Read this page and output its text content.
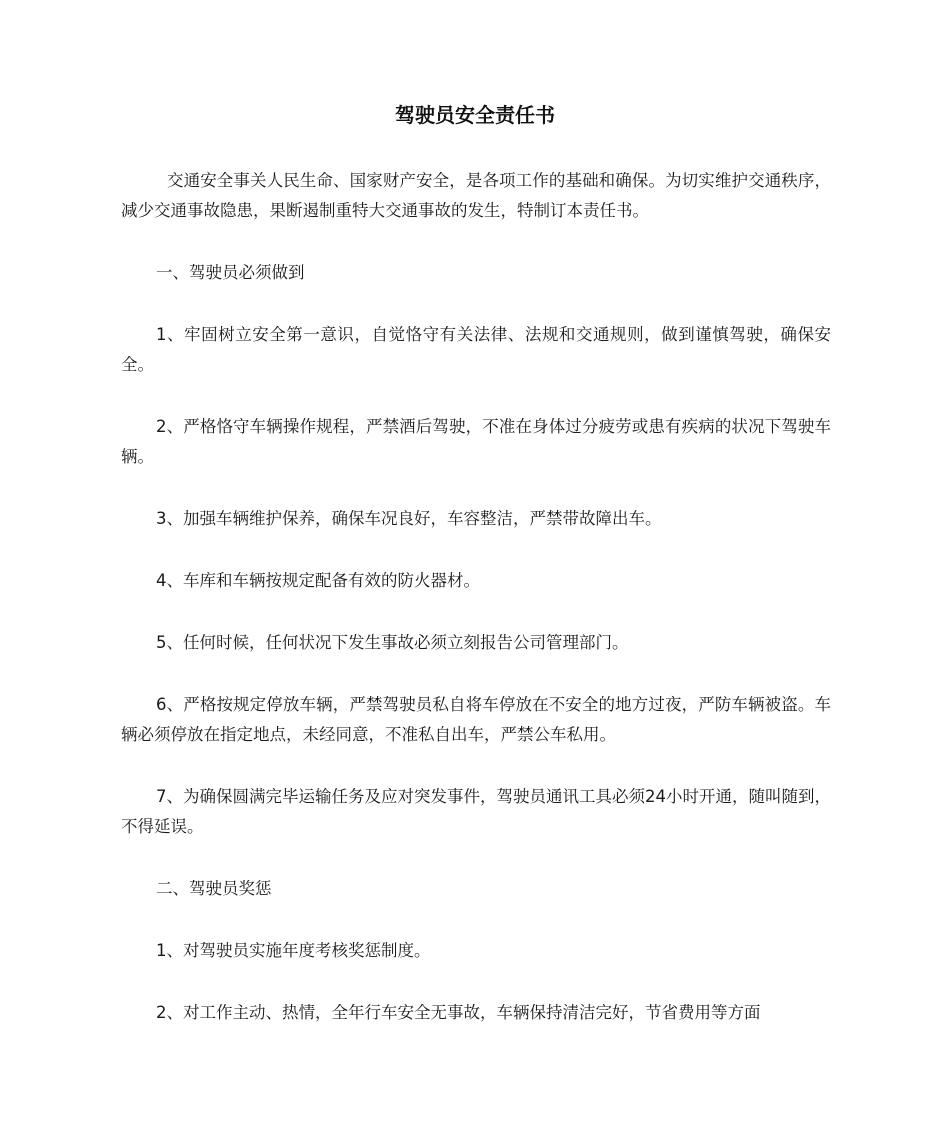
驾驶员安全责任书

交通安全事关人民生命、国家财产安全，是各项工作的基础和确保。为切实维护交通秩序，减少交通事故隐患，果断遏制重特大交通事故的发生，特制订本责任书。

一、驾驶员必须做到

1、牢固树立安全第一意识，自觉恪守有关法律、法规和交通规则，做到谨慎驾驶，确保安全。

2、严格恪守车辆操作规程，严禁酒后驾驶，不准在身体过分疲劳或患有疾病的状况下驾驶车辆。

3、加强车辆维护保养，确保车况良好，车容整洁，严禁带故障出车。

4、车库和车辆按规定配备有效的防火器材。

5、任何时候，任何状况下发生事故必须立刻报告公司管理部门。

6、严格按规定停放车辆，严禁驾驶员私自将车停放在不安全的地方过夜，严防车辆被盗。车辆必须停放在指定地点，未经同意，不准私自出车，严禁公车私用。

7、为确保圆满完毕运输任务及应对突发事件，驾驶员通讯工具必须24小时开通，随叫随到，不得延误。

二、驾驶员奖惩

1、对驾驶员实施年度考核奖惩制度。

2、对工作主动、热情，全年行车安全无事故，车辆保持清洁完好，节省费用等方面
